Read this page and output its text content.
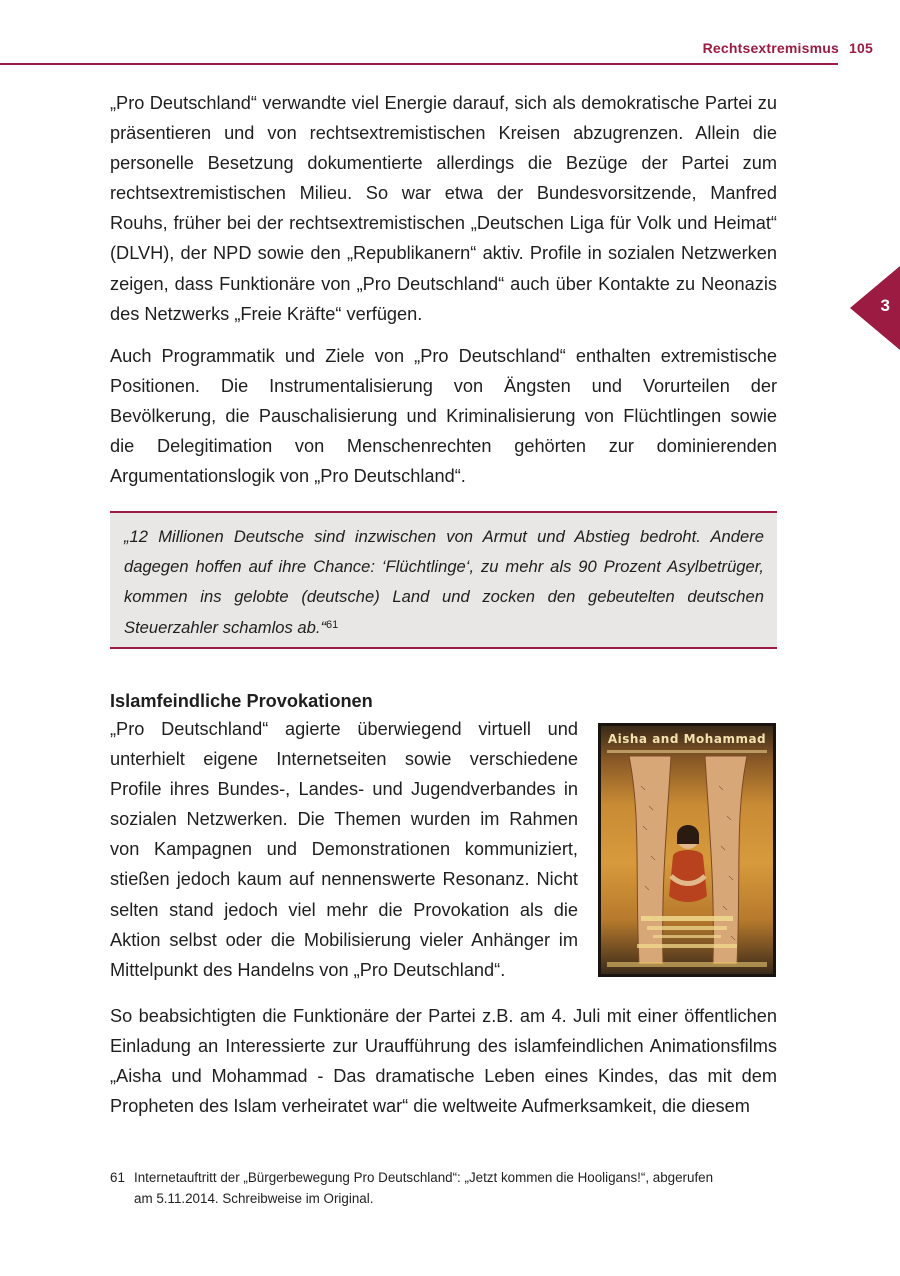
Rechtsextremismus 105
3

„Pro Deutschland“ verwandte viel Energie darauf, sich als demokratische Partei zu präsentieren und von rechtsextremistischen Kreisen abzugrenzen. Allein die personelle Besetzung dokumentierte allerdings die Bezüge der Partei zum rechtsextremistischen Milieu. So war etwa der Bundesvorsitzende, Manfred Rouhs, früher bei der rechtsextremistischen „Deutschen Liga für Volk und Heimat“ (DLVH), der NPD sowie den „Republikanern“ aktiv. Profile in sozialen Netzwerken zeigen, dass Funktionäre von „Pro Deutschland“ auch über Kontakte zu Neonazis des Netzwerks „Freie Kräfte“ verfügen.

Auch Programmatik und Ziele von „Pro Deutschland“ enthalten extremistische Positionen. Die Instrumentalisierung von Ängsten und Vorurteilen der Bevölkerung, die Pauschalisierung und Kriminalisierung von Flüchtlingen sowie die Delegitimation von Menschenrechten gehörten zur dominierenden Argumentationslogik von „Pro Deutschland“.

„12 Millionen Deutsche sind inzwischen von Armut und Abstieg bedroht. Andere dagegen hoffen auf ihre Chance: ‘Flüchtlinge‘, zu mehr als 90 Prozent Asylbetrüger, kommen ins gelobte (deutsche) Land und zocken den gebeutelten deutschen Steuerzahler schamlos ab.“$^{61}$

Islamfeindliche Provokationen

„Pro Deutschland“ agierte überwiegend virtuell und unterhielt eigene Internetseiten sowie verschiedene Profile ihres Bundes-, Landes- und Jugendverbandes in sozialen Netzwerken. Die Themen wurden im Rahmen von Kampagnen und Demonstrationen kommuniziert, stießen jedoch kaum auf nennenswerte Resonanz. Nicht selten stand jedoch viel mehr die Provokation als die Aktion selbst oder die Mobilisierung vieler Anhänger im Mittelpunkt des Handelns von „Pro Deutschland“.

Aisha and Mohammad

So beabsichtigten die Funktionäre der Partei z.B. am 4. Juli mit einer öffentlichen Einladung an Interessierte zur Uraufführung des islamfeindlichen Animationsfilms „Aisha und Mohammad - Das dramatische Leben eines Kindes, das mit dem Propheten des Islam verheiratet war“ die weltweite Aufmerksamkeit, die diesem

61 Internetauftritt der „Bürgerbewegung Pro Deutschland“: „Jetzt kommen die Hooligans!“, abgerufen
am 5.11.2014. Schreibweise im Original.
